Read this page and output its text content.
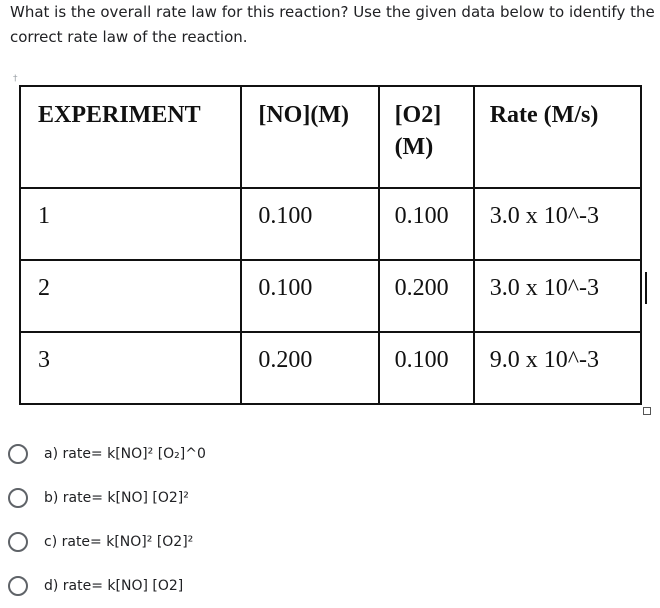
What is the overall rate law for this reaction? Use the given data below to identify the correct rate law of the reaction.
†
EXPERIMENT	[NO](M)	[O2] (M)	Rate (M/s)
1	0.100	0.100	3.0 x 10^-3
2	0.100	0.200	3.0 x 10^-3
3	0.200	0.100	9.0 x 10^-3
a) rate= k[NO]² [O₂]^0
b) rate= k[NO] [O2]²
c) rate= k[NO]² [O2]²
d) rate= k[NO] [O2]
